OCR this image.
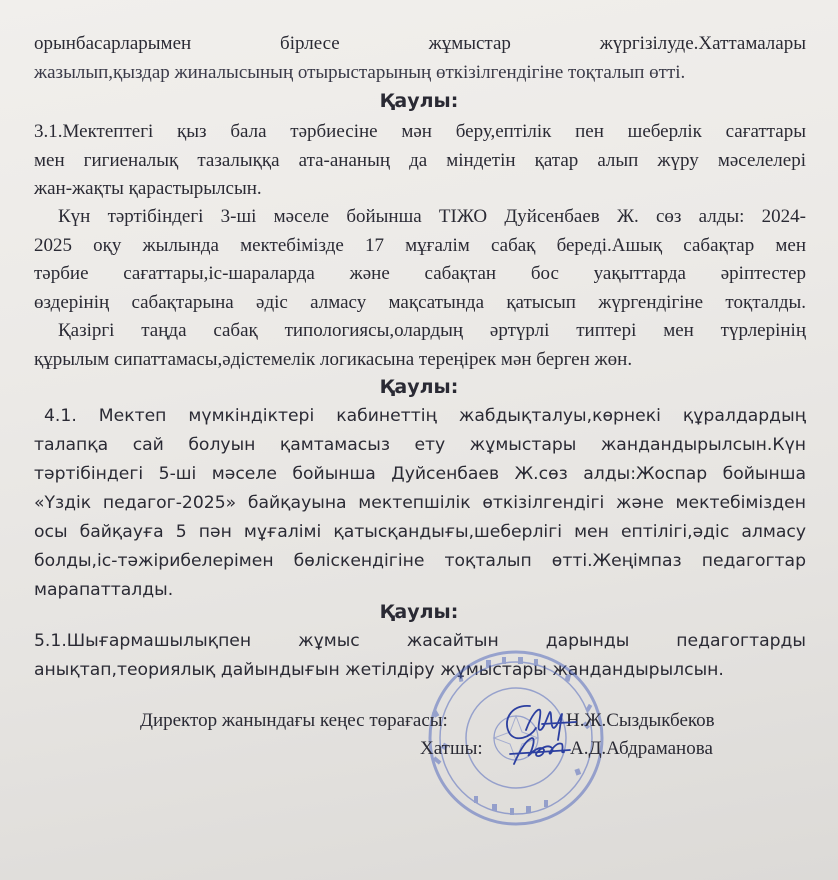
орынбасарларымен бірлесе жұмыстар жүргізілуде.Хаттамалары
жазылып,қыздар жиналысының отырыстарының өткізілгендігіне тоқталып өтті.
Қаулы:
3.1.Мектептегі қыз бала тәрбиесіне мән беру,ептілік пен шеберлік сағаттары
мен гигиеналық тазалыққа ата-ананың да міндетін қатар алып жүру мәселелері
жан-жақты қарастырылсын.
Күн тәртібіндегі 3-ші мәселе бойынша ТІЖО Дуйсенбаев Ж. сөз алды: 2024-
2025 оқу жылында мектебімізде 17 мұғалім сабақ береді.Ашық сабақтар мен
тәрбие сағаттары,іс-шараларда және сабақтан бос уақыттарда әріптестер
өздерінің сабақтарына әдіс алмасу мақсатында қатысып жүргендігіне тоқталды.
Қазіргі таңда сабақ типологиясы,олардың әртүрлі типтері мен түрлерінің
құрылым сипаттамасы,әдістемелік логикасына тереңірек мән берген жөн.
Қаулы:
4.1. Мектеп мүмкіндіктері кабинеттің жабдықталуы,көрнекі құралдардың
талапқа сай болуын қамтамасыз ету жұмыстары жандандырылсын.Күн
тәртібіндегі 5-ші мәселе бойынша Дуйсенбаев Ж.сөз алды:Жоспар бойынша
«Үздік педагог-2025» байқауына мектепшілік өткізілгендігі және мектебімізден
осы байқауға 5 пән мұғалімі қатысқандығы,шеберлігі мен ептілігі,әдіс алмасу
болды,іс-тәжірибелерімен бөліскендігіне тоқталып өтті.Жеңімпаз педагогтар
марапатталды.
Қаулы:
5.1.Шығармашылықпен жұмыс жасайтын дарынды педагогтарды
анықтап,теориялық дайындығын жетілдіру жұмыстары жандандырылсын.
Директор жанындағы кеңес төрағасы:	Н.Ж.Сыздыкбеков
Хатшы:	А.Д.Абдраманова
